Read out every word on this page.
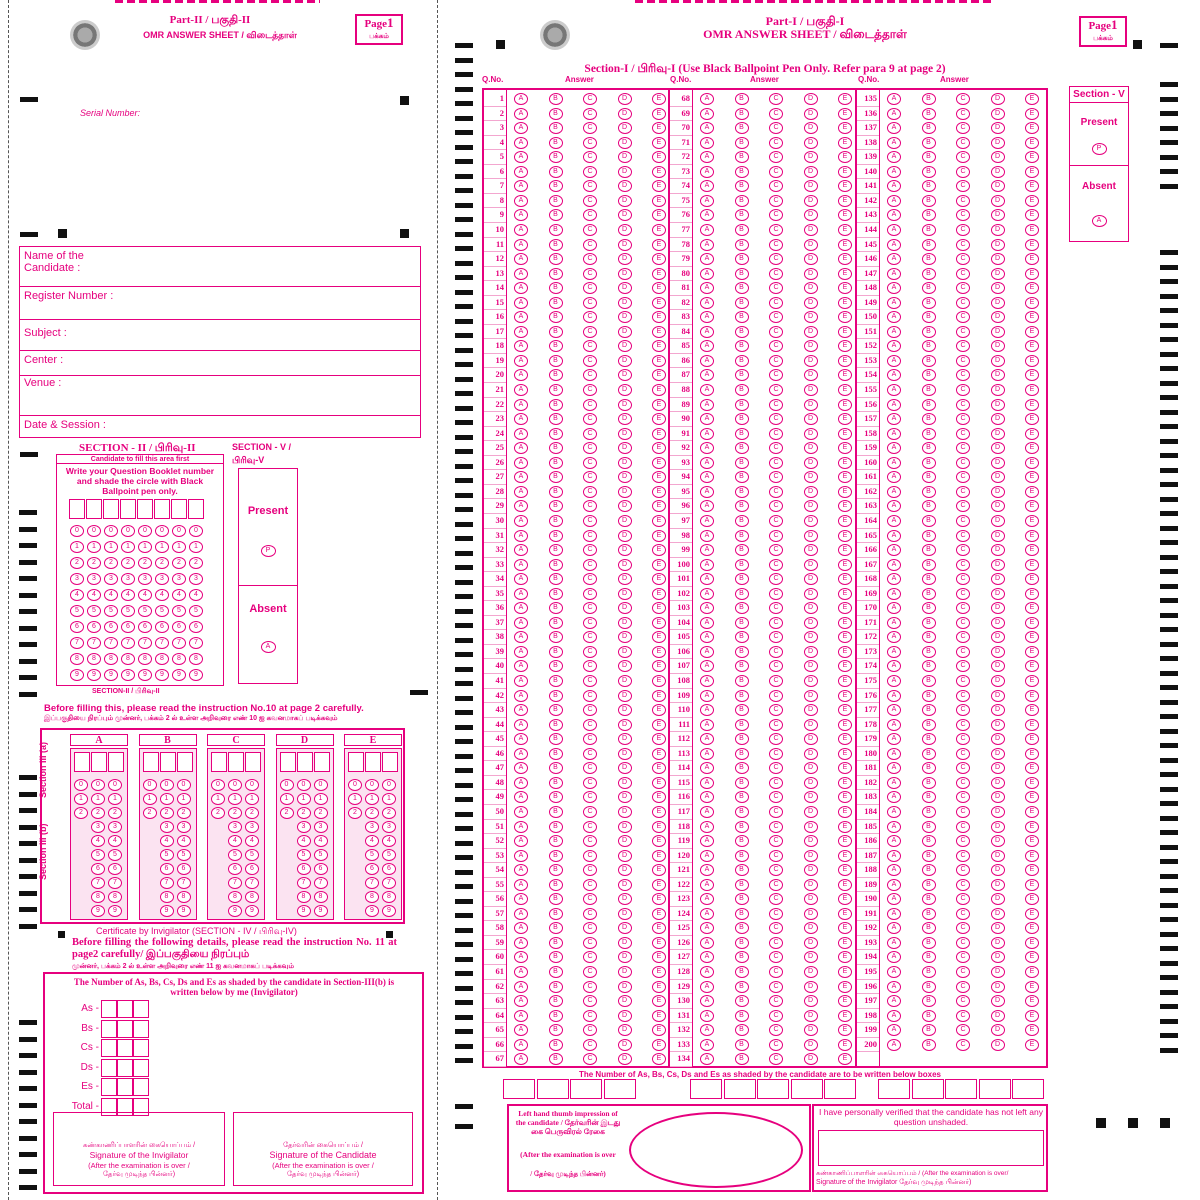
Part-II / பகுதி-II
OMR ANSWER SHEET / விடைத்தாள்
Page1
பக்கம்
Serial Number:
Name of the Candidate :
Register Number :
Subject :
Center :
Venue :
Date & Session :
SECTION - II / பிரிவு-II
Candidate to fill this area first
Write your Question Booklet number and shade the circle with Black Ballpoint pen only.
0	0	0	0	0	0	0	0
1	1	1	1	1	1	1	1
2	2	2	2	2	2	2	2
3	3	3	3	3	3	3	3
4	4	4	4	4	4	4	4
5	5	5	5	5	5	5	5
6	6	6	6	6	6	6	6
7	7	7	7	7	7	7	7
8	8	8	8	8	8	8	8
9	9	9	9	9	9	9	9
SECTION-II / பிரிவு-II
SECTION - V / பிரிவு-V
Present
P
Absent
A
Before filling this, please read the instruction No.10 at page 2 carefully.
இப்பகுதியை நிரப்பும் முன்னர், பக்கம் 2 ல் உள்ள அறிவுரை எண் 10 ஐ கவனமாகப் படிக்கவும்
Section III (a)
Section III (b)
A
0	0	0
1	1	1
2	2	2
3	3
4	4
5	5
6	6
7	7
8	8
9	9
B
0	0	0
1	1	1
2	2	2
3	3
4	4
5	5
6	6
7	7
8	8
9	9
C
0	0	0
1	1	1
2	2	2
3	3
4	4
5	5
6	6
7	7
8	8
9	9
D
0	0	0
1	1	1
2	2	2
3	3
4	4
5	5
6	6
7	7
8	8
9	9
E
0	0	0
1	1	1
2	2	2
3	3
4	4
5	5
6	6
7	7
8	8
9	9
Certificate by Invigilator (SECTION - IV / பிரிவு-IV)
Before filling the following details, please read the instruction No. 11 at page2 carefully/ இப்பகுதியை நிரப்பும்
முன்னர், பக்கம் 2 ல் உள்ள அறிவுரை எண் 11 ஐ கவனமாகப் படிக்கவும்
The Number of As, Bs, Cs, Ds and Es as shaded by the candidate in Section-III(b) is written below by me (Invigilator)
As -
Bs -
Cs -
Ds -
Es -
Total -
கண்காணிப்பாளரின் கையொப்பம் /
Signature of the Invigilator
(After the examination is over /
தேர்வு முடிந்த பின்னர்)
தேர்வரின் கையொப்பம் /
Signature of the Candidate
(After the examination is over /
தேர்வு முடிந்த பின்னர்)
Part-I / பகுதி-I
OMR ANSWER SHEET / விடைத்தாள்
Page1
பக்கம்
Section-I / பிரிவு-I (Use Black Ballpoint Pen Only. Refer para 9 at page 2)
Q.No.	Answer	Q.No.	Answer	Q.No.	Answer
1	A	B	C	D	E
2	A	B	C	D	E
3	A	B	C	D	E
4	A	B	C	D	E
5	A	B	C	D	E
6	A	B	C	D	E
7	A	B	C	D	E
8	A	B	C	D	E
9	A	B	C	D	E
10	A	B	C	D	E
11	A	B	C	D	E
12	A	B	C	D	E
13	A	B	C	D	E
14	A	B	C	D	E
15	A	B	C	D	E
16	A	B	C	D	E
17	A	B	C	D	E
18	A	B	C	D	E
19	A	B	C	D	E
20	A	B	C	D	E
21	A	B	C	D	E
22	A	B	C	D	E
23	A	B	C	D	E
24	A	B	C	D	E
25	A	B	C	D	E
26	A	B	C	D	E
27	A	B	C	D	E
28	A	B	C	D	E
29	A	B	C	D	E
30	A	B	C	D	E
31	A	B	C	D	E
32	A	B	C	D	E
33	A	B	C	D	E
34	A	B	C	D	E
35	A	B	C	D	E
36	A	B	C	D	E
37	A	B	C	D	E
38	A	B	C	D	E
39	A	B	C	D	E
40	A	B	C	D	E
41	A	B	C	D	E
42	A	B	C	D	E
43	A	B	C	D	E
44	A	B	C	D	E
45	A	B	C	D	E
46	A	B	C	D	E
47	A	B	C	D	E
48	A	B	C	D	E
49	A	B	C	D	E
50	A	B	C	D	E
51	A	B	C	D	E
52	A	B	C	D	E
53	A	B	C	D	E
54	A	B	C	D	E
55	A	B	C	D	E
56	A	B	C	D	E
57	A	B	C	D	E
58	A	B	C	D	E
59	A	B	C	D	E
60	A	B	C	D	E
61	A	B	C	D	E
62	A	B	C	D	E
63	A	B	C	D	E
64	A	B	C	D	E
65	A	B	C	D	E
66	A	B	C	D	E
67	A	B	C	D	E
68	A	B	C	D	E
69	A	B	C	D	E
70	A	B	C	D	E
71	A	B	C	D	E
72	A	B	C	D	E
73	A	B	C	D	E
74	A	B	C	D	E
75	A	B	C	D	E
76	A	B	C	D	E
77	A	B	C	D	E
78	A	B	C	D	E
79	A	B	C	D	E
80	A	B	C	D	E
81	A	B	C	D	E
82	A	B	C	D	E
83	A	B	C	D	E
84	A	B	C	D	E
85	A	B	C	D	E
86	A	B	C	D	E
87	A	B	C	D	E
88	A	B	C	D	E
89	A	B	C	D	E
90	A	B	C	D	E
91	A	B	C	D	E
92	A	B	C	D	E
93	A	B	C	D	E
94	A	B	C	D	E
95	A	B	C	D	E
96	A	B	C	D	E
97	A	B	C	D	E
98	A	B	C	D	E
99	A	B	C	D	E
100	A	B	C	D	E
101	A	B	C	D	E
102	A	B	C	D	E
103	A	B	C	D	E
104	A	B	C	D	E
105	A	B	C	D	E
106	A	B	C	D	E
107	A	B	C	D	E
108	A	B	C	D	E
109	A	B	C	D	E
110	A	B	C	D	E
111	A	B	C	D	E
112	A	B	C	D	E
113	A	B	C	D	E
114	A	B	C	D	E
115	A	B	C	D	E
116	A	B	C	D	E
117	A	B	C	D	E
118	A	B	C	D	E
119	A	B	C	D	E
120	A	B	C	D	E
121	A	B	C	D	E
122	A	B	C	D	E
123	A	B	C	D	E
124	A	B	C	D	E
125	A	B	C	D	E
126	A	B	C	D	E
127	A	B	C	D	E
128	A	B	C	D	E
129	A	B	C	D	E
130	A	B	C	D	E
131	A	B	C	D	E
132	A	B	C	D	E
133	A	B	C	D	E
134	A	B	C	D	E
135	A	B	C	D	E
136	A	B	C	D	E
137	A	B	C	D	E
138	A	B	C	D	E
139	A	B	C	D	E
140	A	B	C	D	E
141	A	B	C	D	E
142	A	B	C	D	E
143	A	B	C	D	E
144	A	B	C	D	E
145	A	B	C	D	E
146	A	B	C	D	E
147	A	B	C	D	E
148	A	B	C	D	E
149	A	B	C	D	E
150	A	B	C	D	E
151	A	B	C	D	E
152	A	B	C	D	E
153	A	B	C	D	E
154	A	B	C	D	E
155	A	B	C	D	E
156	A	B	C	D	E
157	A	B	C	D	E
158	A	B	C	D	E
159	A	B	C	D	E
160	A	B	C	D	E
161	A	B	C	D	E
162	A	B	C	D	E
163	A	B	C	D	E
164	A	B	C	D	E
165	A	B	C	D	E
166	A	B	C	D	E
167	A	B	C	D	E
168	A	B	C	D	E
169	A	B	C	D	E
170	A	B	C	D	E
171	A	B	C	D	E
172	A	B	C	D	E
173	A	B	C	D	E
174	A	B	C	D	E
175	A	B	C	D	E
176	A	B	C	D	E
177	A	B	C	D	E
178	A	B	C	D	E
179	A	B	C	D	E
180	A	B	C	D	E
181	A	B	C	D	E
182	A	B	C	D	E
183	A	B	C	D	E
184	A	B	C	D	E
185	A	B	C	D	E
186	A	B	C	D	E
187	A	B	C	D	E
188	A	B	C	D	E
189	A	B	C	D	E
190	A	B	C	D	E
191	A	B	C	D	E
192	A	B	C	D	E
193	A	B	C	D	E
194	A	B	C	D	E
195	A	B	C	D	E
196	A	B	C	D	E
197	A	B	C	D	E
198	A	B	C	D	E
199	A	B	C	D	E
200	A	B	C	D	E
Section - V
Present
P
Absent
A
The Number of As, Bs, Cs, Ds and Es as shaded by the candidate are to be written below boxes
Left hand thumb impression of the candidate / தேர்வரின் இடது கை பெருவிரல் ரேகை
(After the examination is over
/ தேர்வு முடிந்த பின்னர்)
I have personally verified that the candidate has not left any question unshaded.
கண்காணிப்பாளரின் கையொப்பம் / (After the examination is over/
Signature of the Invigilator தேர்வு முடிந்த பின்னர்)
